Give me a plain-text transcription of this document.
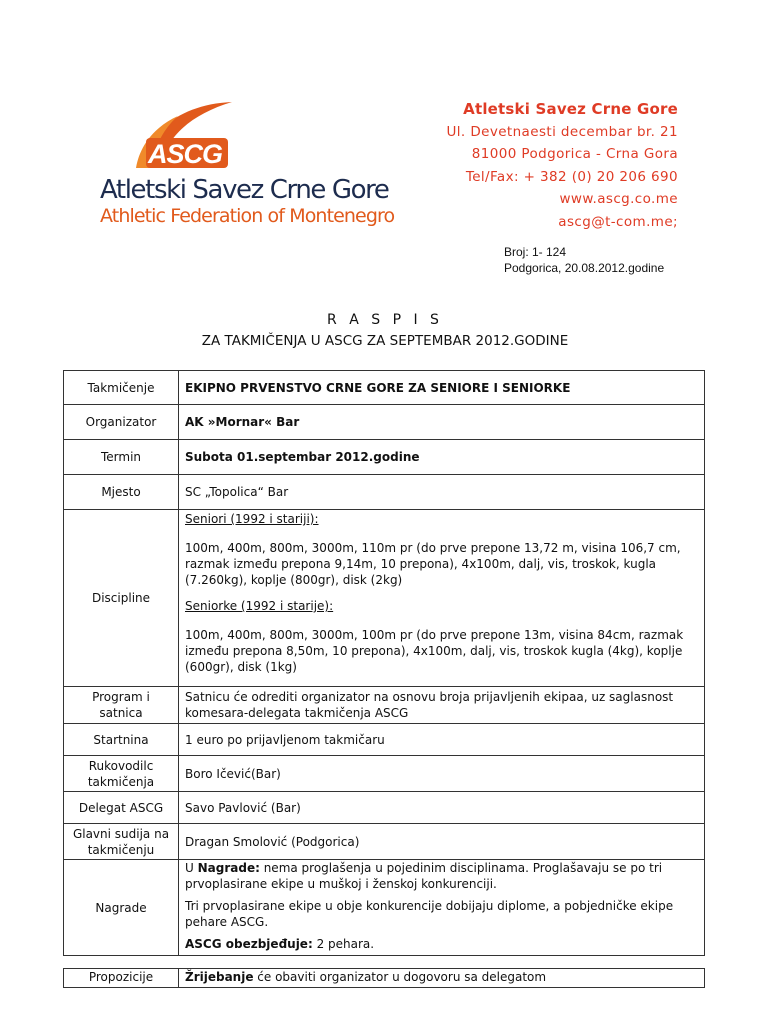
ASCG
Atletski Savez Crne Gore
Athletic Federation of Montenegro
Atletski Savez Crne Gore
Ul. Devetnaesti decembar br. 21
81000 Podgorica - Crna Gora
Tel/Fax: + 382 (0) 20 206 690
www.ascg.co.me
ascg@t-com.me;
Broj: 1- 124
Podgorica, 20.08.2012.godine
R A S P I S
ZA TAKMIČENJA U ASCG ZA SEPTEMBAR 2012.GODINE
Takmičenje	EKIPNO PRVENSTVO CRNE GORE ZA SENIORE I SENIORKE
Organizator	AK »Mornar« Bar
Termin	Subota 01.septembar 2012.godine
Mjesto	SC „Topolica“ Bar
Discipline	Seniori (1992 i stariji):

100m, 400m, 800m, 3000m, 110m pr (do prve prepone 13,72 m, visina 106,7 cm, razmak između prepona 9,14m, 10 prepona), 4x100m, dalj, vis, troskok, kugla (7.260kg), koplje (800gr), disk (2kg)

Seniorke (1992 i starije):

100m, 400m, 800m, 3000m, 100m pr (do prve prepone 13m, visina 84cm, razmak između prepona 8,50m, 10 prepona), 4x100m, dalj, vis, troskok kugla (4kg), koplje (600gr), disk (1kg)

Program i satnica	Satnicu će odrediti organizator na osnovu broja prijavljenih ekipaa, uz saglasnost komesara-delegata takmičenja ASCG
Startnina	1 euro po prijavljenom takmičaru
Rukovodilc takmičenja	Boro Ičević(Bar)
Delegat ASCG	Savo Pavlović (Bar)
Glavni sudija na takmičenju	Dragan Smolović (Podgorica)
Nagrade	U Nagrade: nema proglašenja u pojedinim disciplinama. Proglašavaju se po tri prvoplasirane ekipe u muškoj i ženskoj konkurenciji.

Tri prvoplasirane ekipe u obje konkurencije dobijaju diplome, a pobjedničke ekipe pehare ASCG.

ASCG obezbjeđuje: 2 pehara.

Propozicije	Žrijebanje će obaviti organizator u dogovoru sa delegatom
